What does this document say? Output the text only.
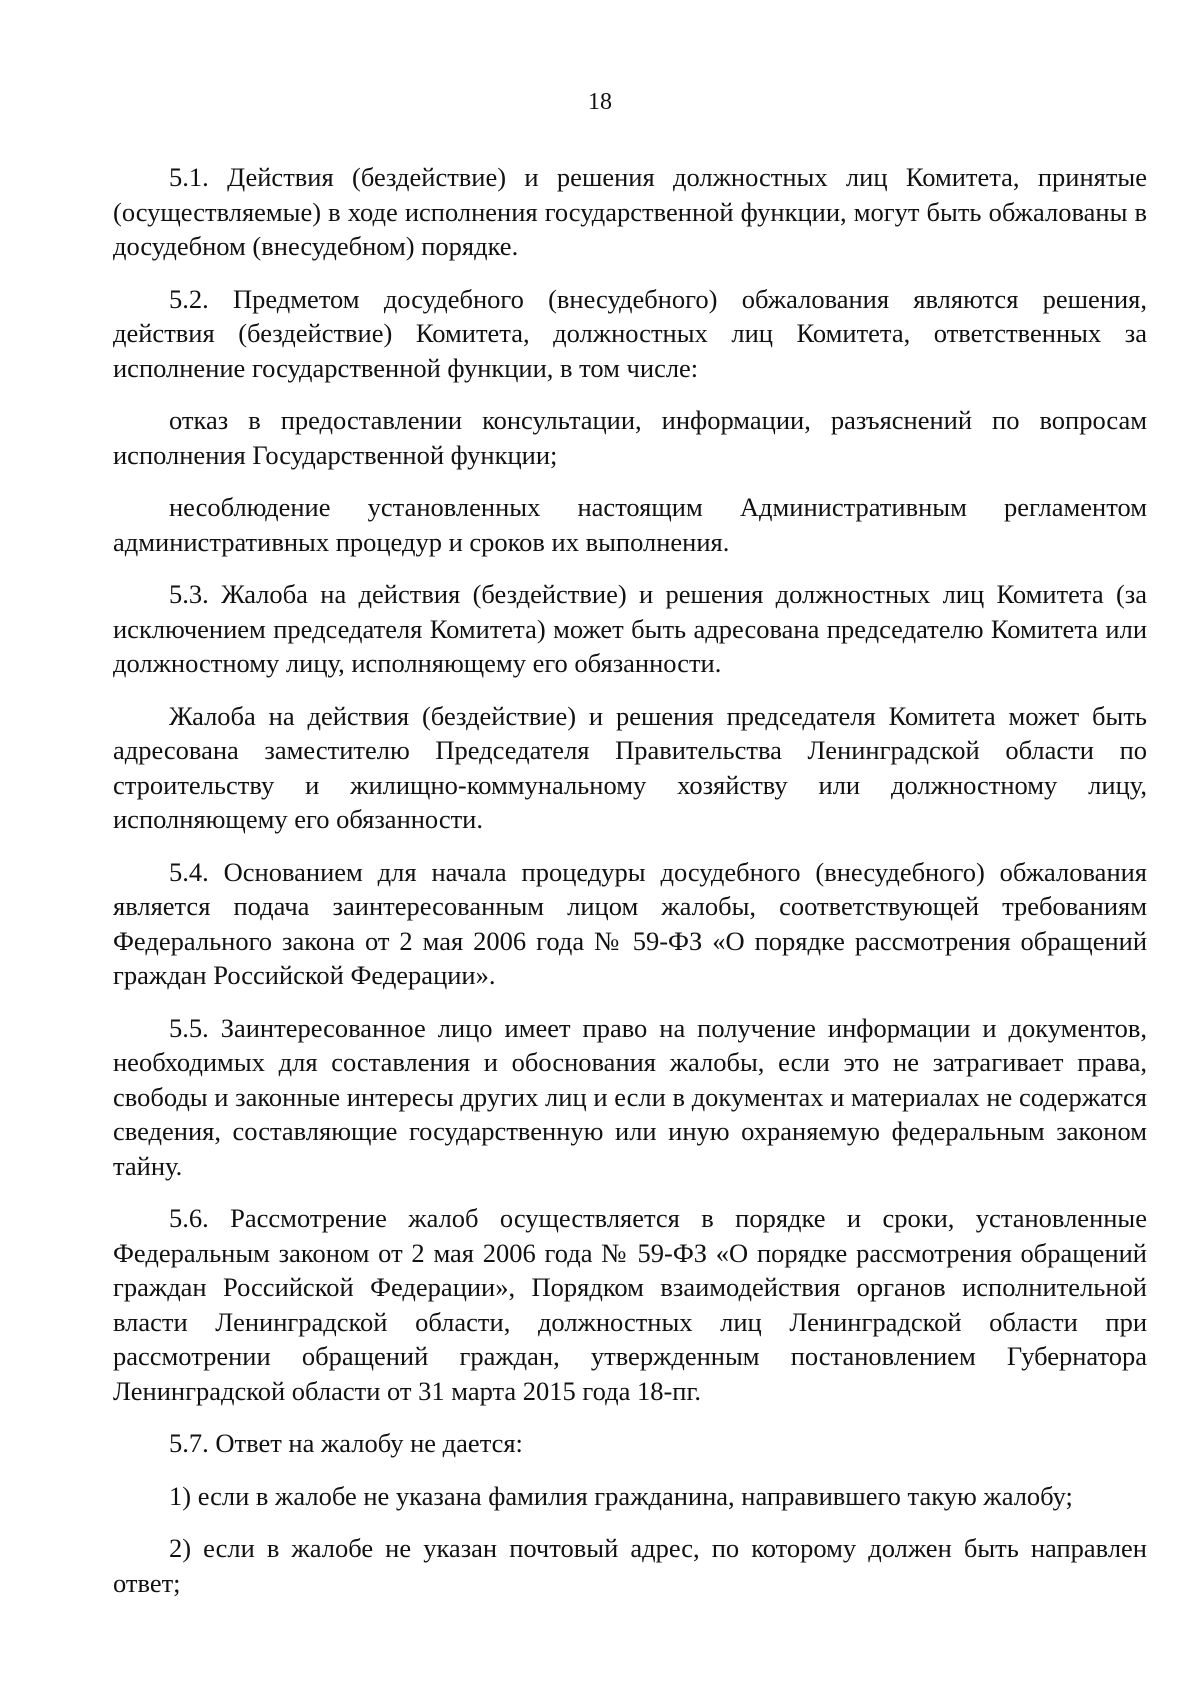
18

5.1. Действия (бездействие) и решения должностных лиц Комитета, принятые (осуществляемые) в ходе исполнения государственной функции, могут быть обжалованы в досудебном (внесудебном) порядке.

5.2. Предметом досудебного (внесудебного) обжалования являются решения, действия (бездействие) Комитета, должностных лиц Комитета, ответственных за исполнение государственной функции, в том числе:

отказ в предоставлении консультации, информации, разъяснений по вопросам исполнения Государственной функции;

несоблюдение установленных настоящим Административным регламентом административных процедур и сроков их выполнения.

5.3. Жалоба на действия (бездействие) и решения должностных лиц Комитета (за исключением председателя Комитета) может быть адресована председателю Комитета или должностному лицу, исполняющему его обязанности.

Жалоба на действия (бездействие) и решения председателя Комитета может быть адресована заместителю Председателя Правительства Ленинградской области по строительству и жилищно-коммунальному хозяйству или должностному лицу, исполняющему его обязанности.

5.4. Основанием для начала процедуры досудебного (внесудебного) обжалования является подача заинтересованным лицом жалобы, соответствующей требованиям Федерального закона от 2 мая 2006 года № 59-ФЗ «О порядке рассмотрения обращений граждан Российской Федерации».

5.5. Заинтересованное лицо имеет право на получение информации и документов, необходимых для составления и обоснования жалобы, если это не затрагивает права, свободы и законные интересы других лиц и если в документах и материалах не содержатся сведения, составляющие государственную или иную охраняемую федеральным законом тайну.

5.6. Рассмотрение жалоб осуществляется в порядке и сроки, установленные Федеральным законом от 2 мая 2006 года № 59-ФЗ «О порядке рассмотрения обращений граждан Российской Федерации», Порядком взаимодействия органов исполнительной власти Ленинградской области, должностных лиц Ленинградской области при рассмотрении обращений граждан, утвержденным постановлением Губернатора Ленинградской области от 31 марта 2015 года 18-пг.

5.7. Ответ на жалобу не дается:

1) если в жалобе не указана фамилия гражданина, направившего такую жалобу;

2) если в жалобе не указан почтовый адрес, по которому должен быть направлен ответ;
